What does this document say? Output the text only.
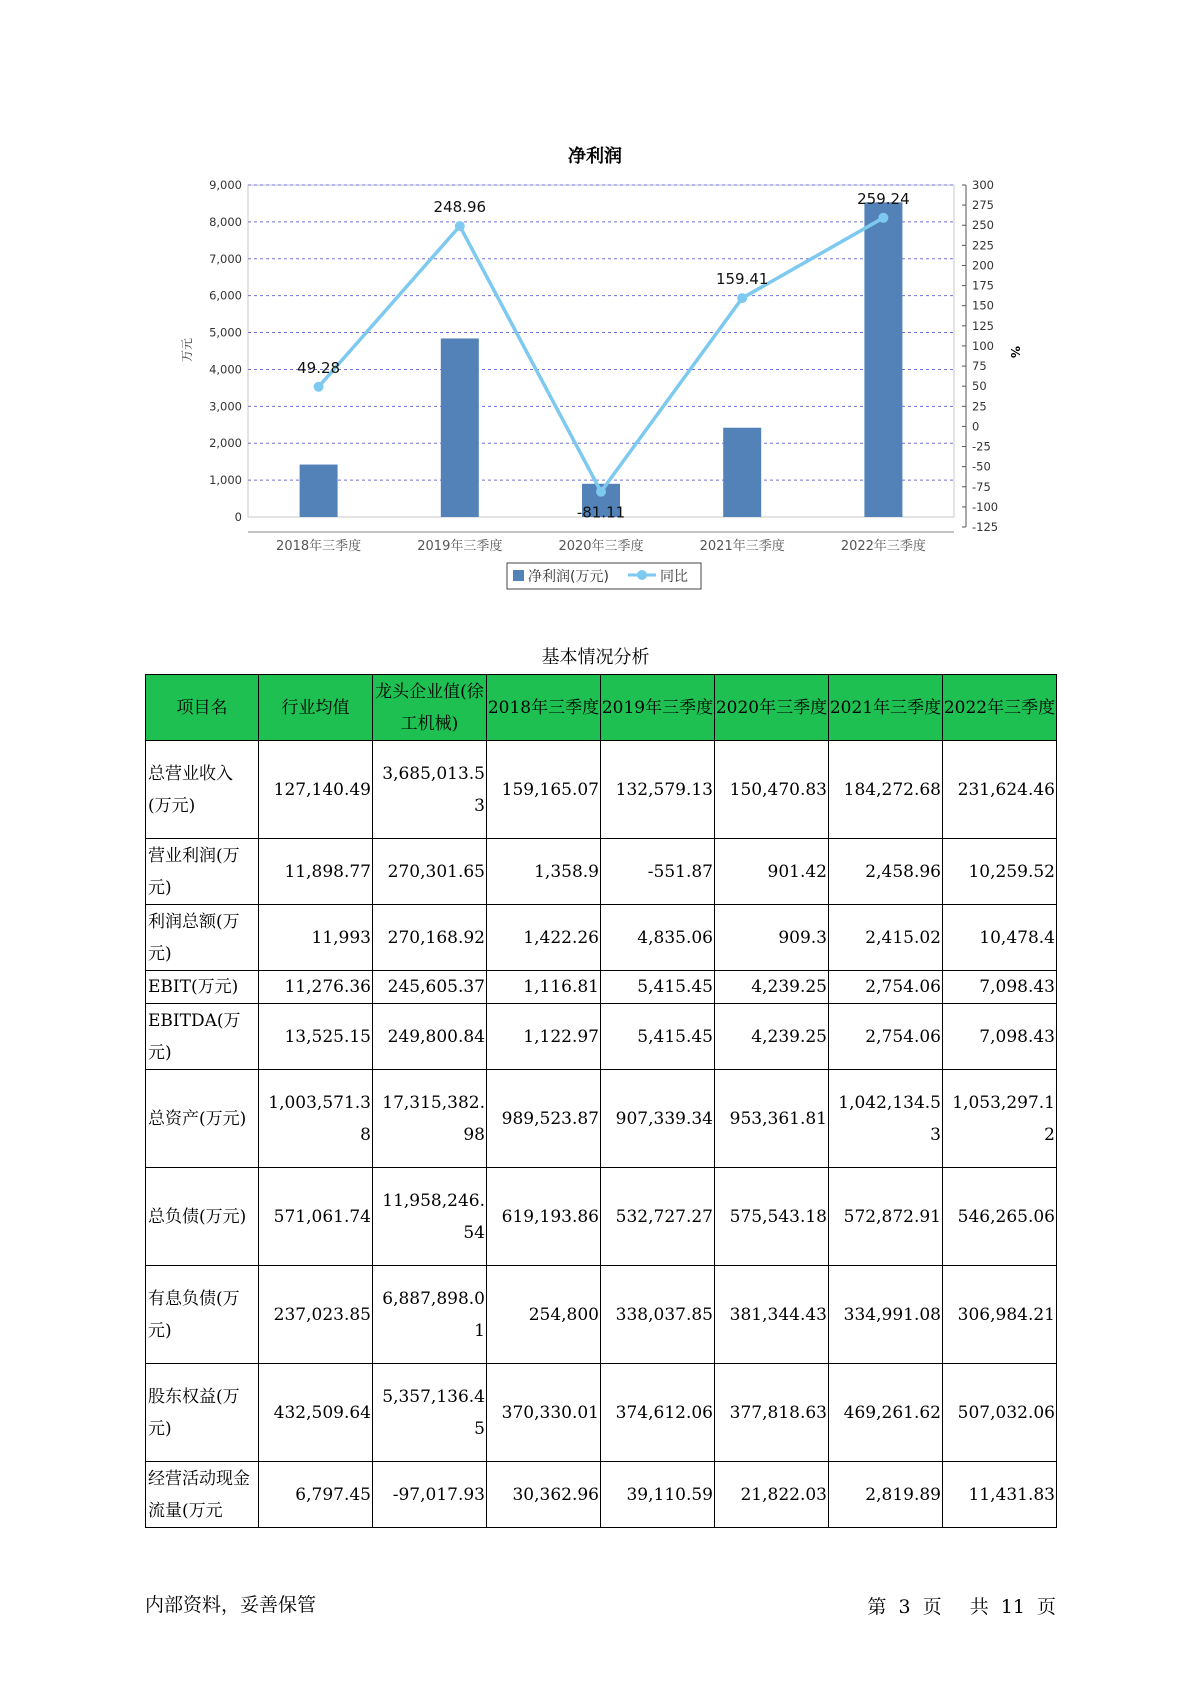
净利润
0
1,000
2,000
3,000
4,000
5,000
6,000
7,000
8,000
9,000
万元
-125
-100
-75
-50
-25
0
25
50
75
100
125
150
175
200
225
250
275
300
%
49.28
248.96
-81.11
159.41
259.24
2018年三季度	2019年三季度	2020年三季度	2021年三季度	2022年三季度
净利润(万元)	同比
基本情况分析
项目名	行业均值	龙头企业值(徐工机械)	2018年三季度	2019年三季度	2020年三季度	2021年三季度	2022年三季度
总营业收入(万元)	127,140.49	3,685,013.53	159,165.07	132,579.13	150,470.83	184,272.68	231,624.46
营业利润(万元)	11,898.77	270,301.65	1,358.9	-551.87	901.42	2,458.96	10,259.52
利润总额(万元)	11,993	270,168.92	1,422.26	4,835.06	909.3	2,415.02	10,478.4
EBIT(万元)	11,276.36	245,605.37	1,116.81	5,415.45	4,239.25	2,754.06	7,098.43
EBITDA(万元)	13,525.15	249,800.84	1,122.97	5,415.45	4,239.25	2,754.06	7,098.43
总资产(万元)	1,003,571.38	17,315,382.98	989,523.87	907,339.34	953,361.81	1,042,134.53	1,053,297.12
总负债(万元)	571,061.74	11,958,246.54	619,193.86	532,727.27	575,543.18	572,872.91	546,265.06
有息负债(万元)	237,023.85	6,887,898.01	254,800	338,037.85	381,344.43	334,991.08	306,984.21
股东权益(万元)	432,509.64	5,357,136.45	370,330.01	374,612.06	377,818.63	469,261.62	507,032.06
经营活动现金流量(万元	6,797.45	-97,017.93	30,362.96	39,110.59	21,822.03	2,819.89	11,431.83
内部资料，妥善保管	第 3 页 共 11 页
